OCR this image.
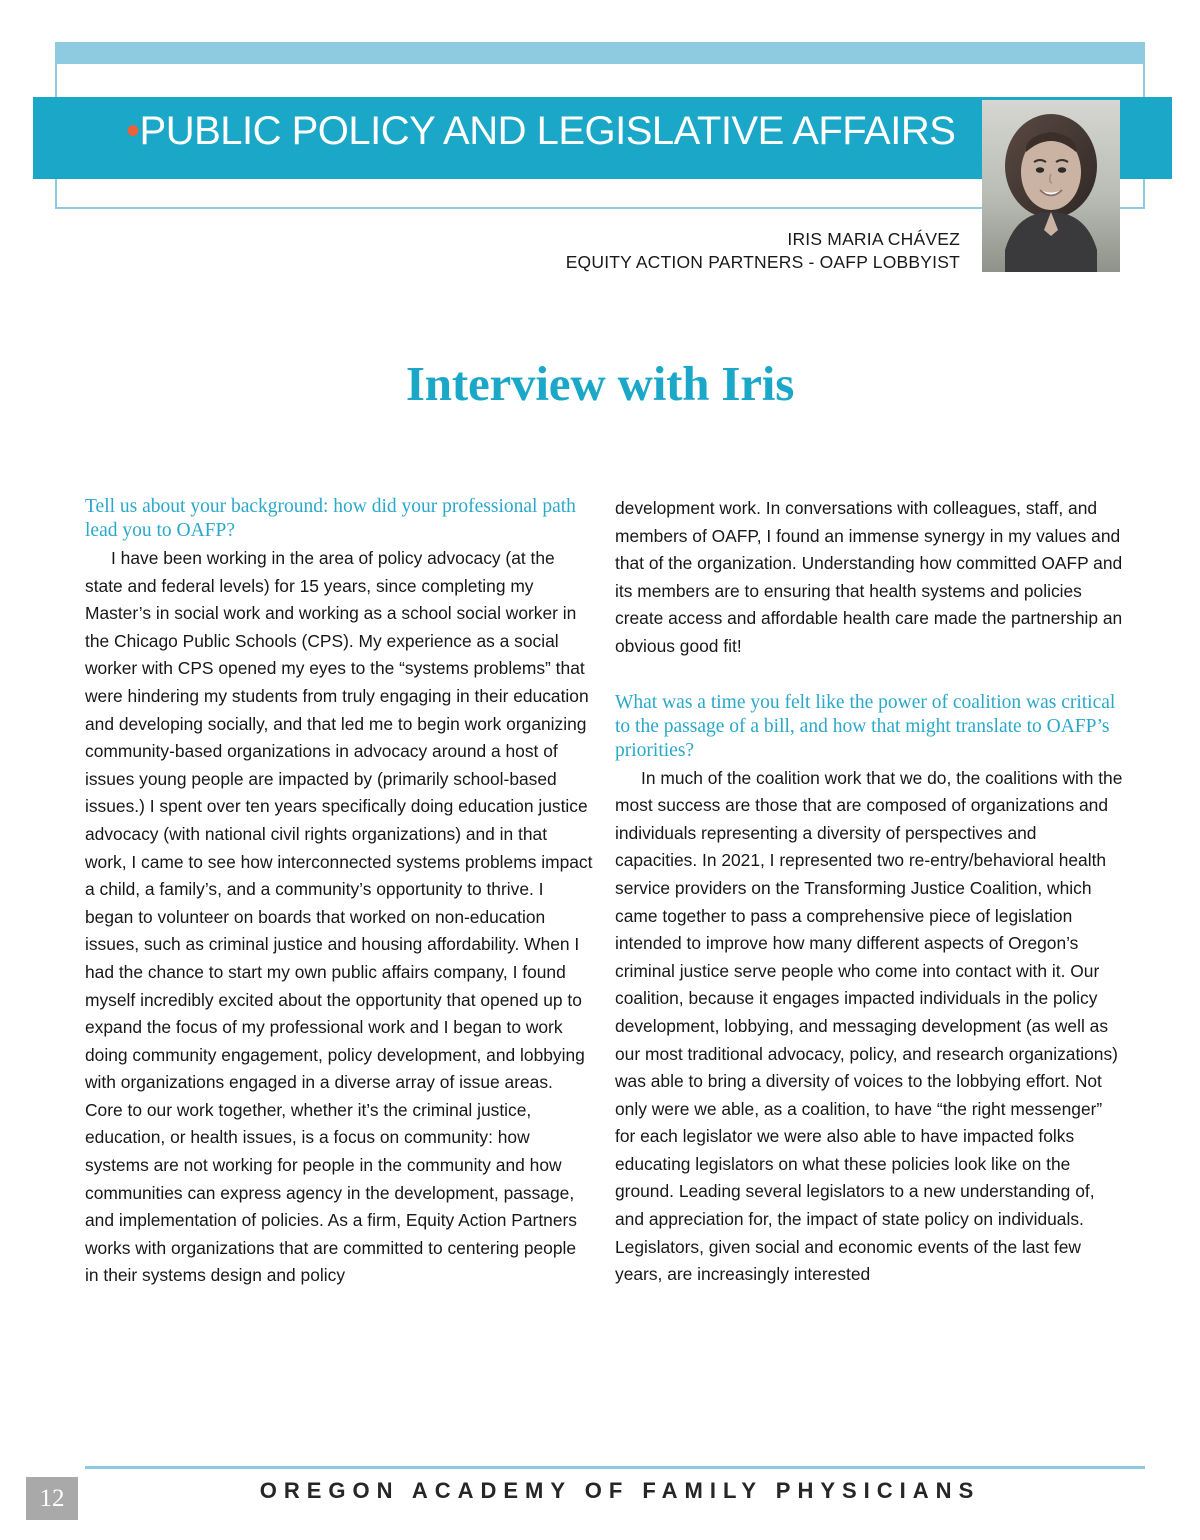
•PUBLIC POLICY AND LEGISLATIVE AFFAIRS
IRIS MARIA CHÁVEZ
EQUITY ACTION PARTNERS - OAFP LOBBYIST
Interview with Iris

Tell us about your background: how did your professional path lead you to OAFP?

I have been working in the area of policy advocacy (at the state and federal levels) for 15 years, since completing my Master’s in social work and working as a school social worker in the Chicago Public Schools (CPS). My experience as a social worker with CPS opened my eyes to the “systems problems” that were hindering my students from truly engaging in their education and developing socially, and that led me to begin work organizing community-based organizations in advocacy around a host of issues young people are impacted by (primarily school-based issues.) I spent over ten years specifically doing education justice advocacy (with national civil rights organizations) and in that work, I came to see how interconnected systems problems impact a child, a family’s, and a community’s opportunity to thrive. I began to volunteer on boards that worked on non-education issues, such as criminal justice and housing affordability. When I had the chance to start my own public affairs company, I found myself incredibly excited about the opportunity that opened up to expand the focus of my professional work and I began to work doing community engagement, policy development, and lobbying with organizations engaged in a diverse array of issue areas. Core to our work together, whether it’s the criminal justice, education, or health issues, is a focus on community: how systems are not working for people in the community and how communities can express agency in the development, passage, and implementation of policies. As a firm, Equity Action Partners works with organizations that are committed to centering people in their systems design and policy

development work. In conversations with colleagues, staff, and members of OAFP, I found an immense synergy in my values and that of the organization. Understanding how committed OAFP and its members are to ensuring that health systems and policies create access and affordable health care made the partnership an obvious good fit!

What was a time you felt like the power of coalition was critical to the passage of a bill, and how that might translate to OAFP’s priorities?

In much of the coalition work that we do, the coalitions with the most success are those that are composed of organizations and individuals representing a diversity of perspectives and capacities. In 2021, I represented two re-entry/behavioral health service providers on the Transforming Justice Coalition, which came together to pass a comprehensive piece of legislation intended to improve how many different aspects of Oregon’s criminal justice serve people who come into contact with it. Our coalition, because it engages impacted individuals in the policy development, lobbying, and messaging development (as well as our most traditional advocacy, policy, and research organizations) was able to bring a diversity of voices to the lobbying effort. Not only were we able, as a coalition, to have “the right messenger” for each legislator we were also able to have impacted folks educating legislators on what these policies look like on the ground. Leading several legislators to a new understanding of, and appreciation for, the impact of state policy on individuals. Legislators, given social and economic events of the last few years, are increasingly interested

12	OREGON ACADEMY OF FAMILY PHYSICIANS
